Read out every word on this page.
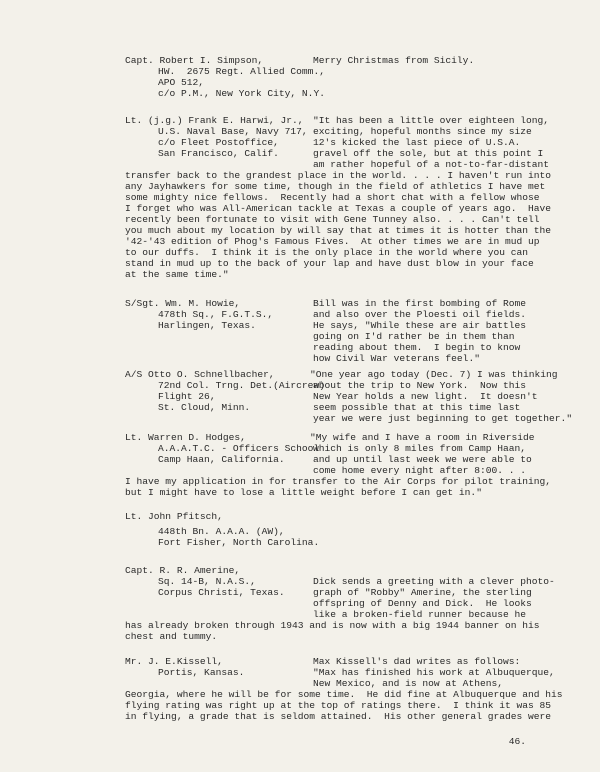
Capt. Robert I. Simpson,
HW.  2675 Regt. Allied Comm.,
APO 512,
c/o P.M., New York City, N.Y.
Merry Christmas from Sicily.
Lt. (j.g.) Frank E. Harwi, Jr.,
U.S. Naval Base, Navy 717,
c/o Fleet Postoffice,
San Francisco, Calif.
"It has been a little over eighteen long,
exciting, hopeful months since my size
12's kicked the last piece of U.S.A.
gravel off the sole, but at this point I
am rather hopeful of a not-to-far-distant
transfer back to the grandest place in the world. . . . I haven't run into
any Jayhawkers for some time, though in the field of athletics I have met
some mighty nice fellows.  Recently had a short chat with a fellow whose
I forget who was All-American tackle at Texas a couple of years ago.  Have
recently been fortunate to visit with Gene Tunney also. . . . Can't tell
you much about my location by will say that at times it is hotter than the
'42-'43 edition of Phog's Famous Fives.  At other times we are in mud up
to our duffs.  I think it is the only place in the world where you can
stand in mud up to the back of your lap and have dust blow in your face
at the same time."
S/Sgt. Wm. M. Howie,
478th Sq., F.G.T.S.,
Harlingen, Texas.
Bill was in the first bombing of Rome
and also over the Ploesti oil fields.
He says, "While these are air battles
going on I'd rather be in them than
reading about them.  I begin to know
how Civil War veterans feel."
A/S Otto O. Schnellbacher,
72nd Col. Trng. Det.(Aircrew)
Flight 26,
St. Cloud, Minn.
"One year ago today (Dec. 7) I was thinking
about the trip to New York.  Now this
New Year holds a new light.  It doesn't
seem possible that at this time last
year we were just beginning to get together."
Lt. Warren D. Hodges,
A.A.A.T.C. - Officers School
Camp Haan, California.
"My wife and I have a room in Riverside
which is only 8 miles from Camp Haan,
and up until last week we were able to
come home every night after 8:00. . .
I have my application in for transfer to the Air Corps for pilot training,
but I might have to lose a little weight before I can get in."
Lt. John Pfitsch,
448th Bn. A.A.A. (AW),
Fort Fisher, North Carolina.
Capt. R. R. Amerine,
Sq. 14-B, N.A.S.,
Corpus Christi, Texas.
Dick sends a greeting with a clever photo-
graph of "Robby" Amerine, the sterling
offspring of Denny and Dick.  He looks
like a broken-field runner because he
has already broken through 1943 and is now with a big 1944 banner on his
chest and tummy.
Mr. J. E.Kissell,
Portis, Kansas.
Max Kissell's dad writes as follows:
"Max has finished his work at Albuquerque,
New Mexico, and is now at Athens,
Georgia, where he will be for some time.  He did fine at Albuquerque and his
flying rating was right up at the top of ratings there.  I think it was 85
in flying, a grade that is seldom attained.  His other general grades were
46.
